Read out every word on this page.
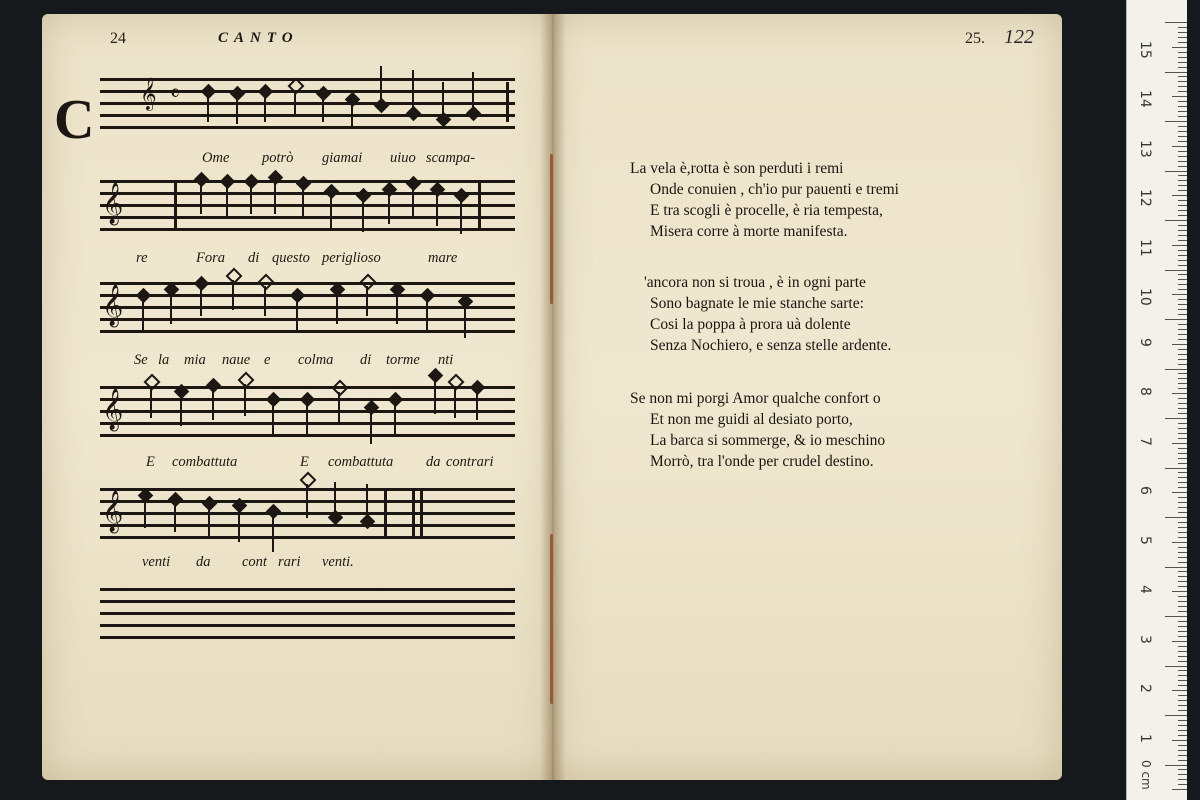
24	CANTO	25. 122
C 𝄞 𝄴
Ome potrò giamai uiuo scampa-
𝄞
re	Fora di questo periglioso	mare
𝄞
Se la mia naue e colma di torme nti
𝄞
E combattuta	E combattuta da contrari
𝄞
venti da cont rari venti.
La vela è,rotta è son perduti i remi
Onde conuien , ch'io pur pauenti e tremi
E tra scogli è procelle, è ria tempesta,
Misera corre à morte manifesta.
'ancora non si troua , è in ogni parte
Sono bagnate le mie stanche sarte:
Cosi la poppa à prora uà dolente
Senza Nochiero, e senza stelle ardente.
Se non mi porgi Amor qualche confort o
Et non me guidi al desiato porto,
La barca si sommerge, & io meschino
Morrò, tra l'onde per crudel destino.
15
14
13
12
11
10
9
8
7
6
5
4
3
2
1
0 cm
